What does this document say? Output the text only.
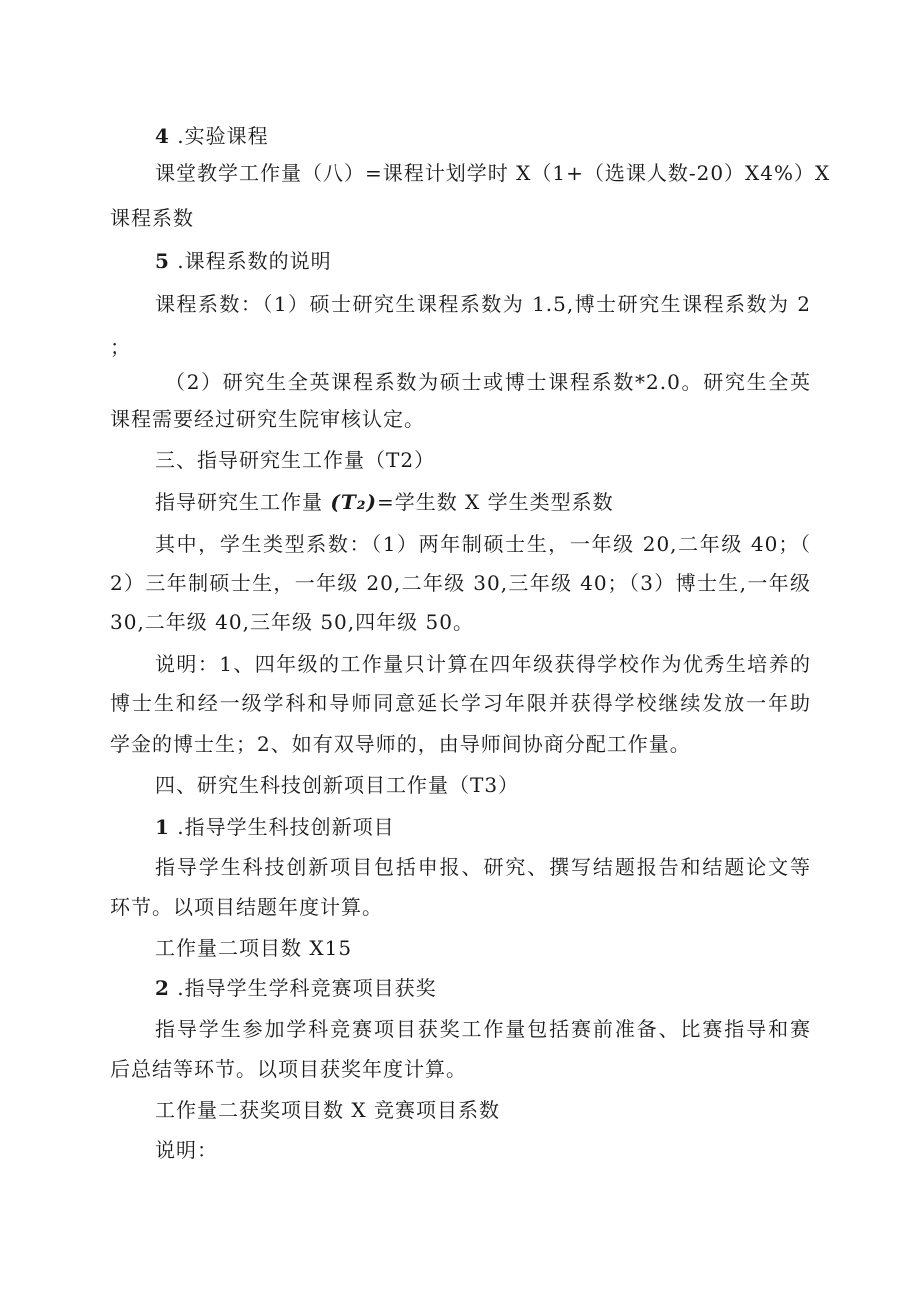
4 .实验课程
课堂教学工作量（八）=课程计划学时 X（1+（选课人数-20）X4%）X
课程系数
5 .课程系数的说明
课程系数：（1）硕士研究生课程系数为 1.5,博士研究生课程系数为 2
；
（2）研究生全英课程系数为硕士或博士课程系数*2.0。研究生全英
课程需要经过研究生院审核认定。
三、指导研究生工作量（T2）
指导研究生工作量 (T₂)=学生数 X 学生类型系数
其中，学生类型系数：（1）两年制硕士生，一年级 20,二年级 40；（
2）三年制硕士生，一年级 20,二年级 30,三年级 40；（3）博士生,一年级
30,二年级 40,三年级 50,四年级 50。
说明：1、四年级的工作量只计算在四年级获得学校作为优秀生培养的
博士生和经一级学科和导师同意延长学习年限并获得学校继续发放一年助
学金的博士生；2、如有双导师的，由导师间协商分配工作量。
四、研究生科技创新项目工作量（T3）
1 .指导学生科技创新项目
指导学生科技创新项目包括申报、研究、撰写结题报告和结题论文等
环节。以项目结题年度计算。
工作量二项目数 X15
2 .指导学生学科竞赛项目获奖
指导学生参加学科竞赛项目获奖工作量包括赛前准备、比赛指导和赛
后总结等环节。以项目获奖年度计算。
工作量二获奖项目数 X 竞赛项目系数
说明：
